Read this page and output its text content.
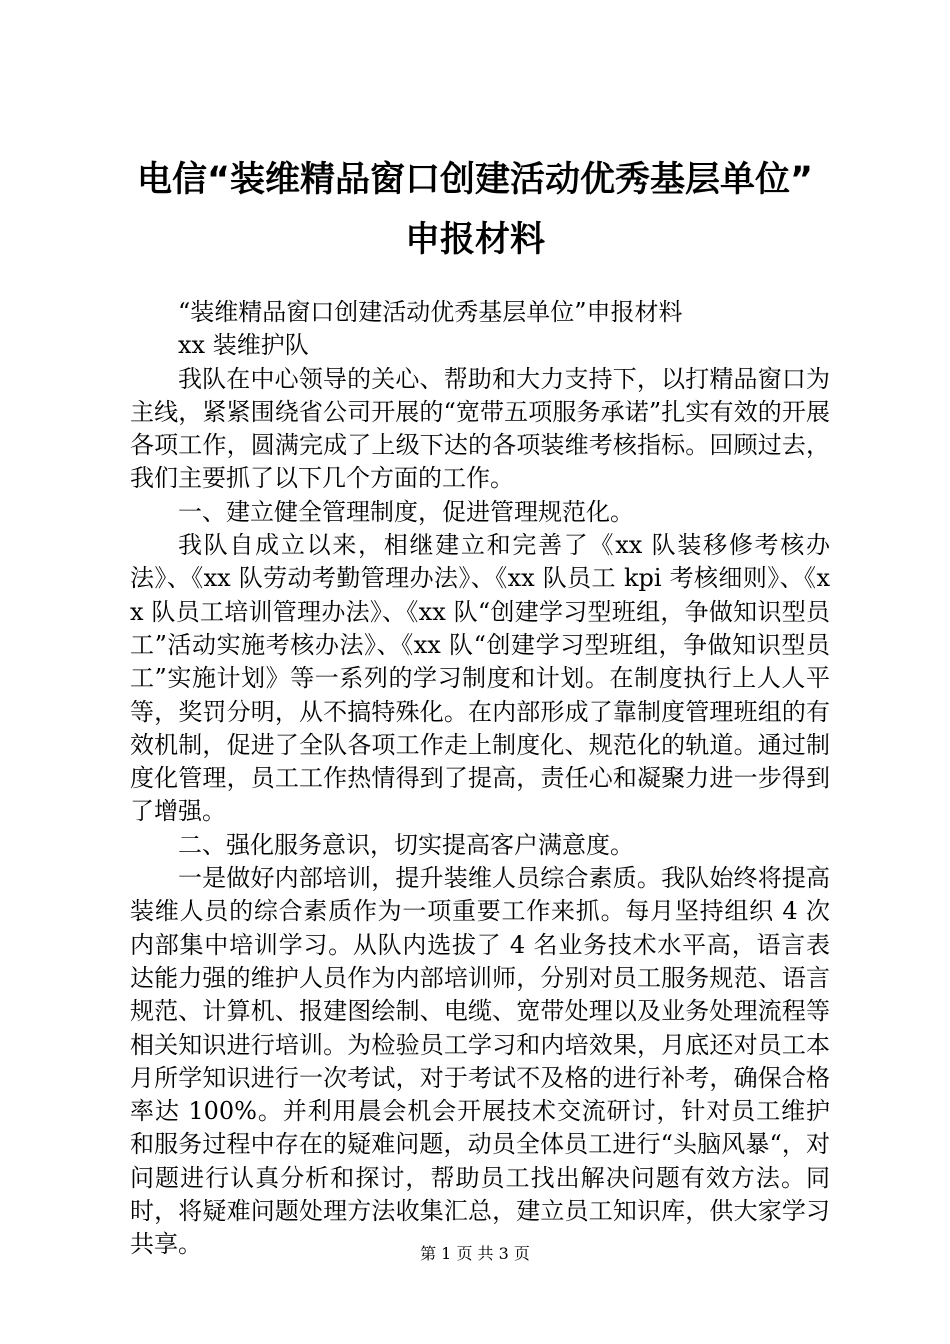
电信“装维精品窗口创建活动优秀基层单位”
申报材料

“装维精品窗口创建活动优秀基层单位”申报材料

xx 装维护队

我队在中心领导的关心、帮助和大力支持下，以打精品窗口为主线，紧紧围绕省公司开展的“宽带五项服务承诺”扎实有效的开展各项工作，圆满完成了上级下达的各项装维考核指标。回顾过去，我们主要抓了以下几个方面的工作。

一、建立健全管理制度，促进管理规范化。

我队自成立以来，相继建立和完善了《xx 队装移修考核办法》、《xx 队劳动考勤管理办法》、《xx 队员工 kpi 考核细则》、《xx 队员工培训管理办法》、《xx 队“创建学习型班组，争做知识型员工”活动实施考核办法》、《xx 队“创建学习型班组，争做知识型员工”实施计划》等一系列的学习制度和计划。在制度执行上人人平等，奖罚分明，从不搞特殊化。在内部形成了靠制度管理班组的有效机制，促进了全队各项工作走上制度化、规范化的轨道。通过制度化管理，员工工作热情得到了提高，责任心和凝聚力进一步得到了增强。

二、强化服务意识，切实提高客户满意度。

一是做好内部培训，提升装维人员综合素质。我队始终将提高装维人员的综合素质作为一项重要工作来抓。每月坚持组织 4 次内部集中培训学习。从队内选拔了 4 名业务技术水平高，语言表达能力强的维护人员作为内部培训师，分别对员工服务规范、语言规范、计算机、报建图绘制、电缆、宽带处理以及业务处理流程等相关知识进行培训。为检验员工学习和内培效果，月底还对员工本月所学知识进行一次考试，对于考试不及格的进行补考，确保合格率达 100%。并利用晨会机会开展技术交流研讨，针对员工维护和服务过程中存在的疑难问题，动员全体员工进行“头脑风暴“，对问题进行认真分析和探讨，帮助员工找出解决问题有效方法。同时，将疑难问题处理方法收集汇总，建立员工知识库，供大家学习共享。	第 1 页 共 3 页
